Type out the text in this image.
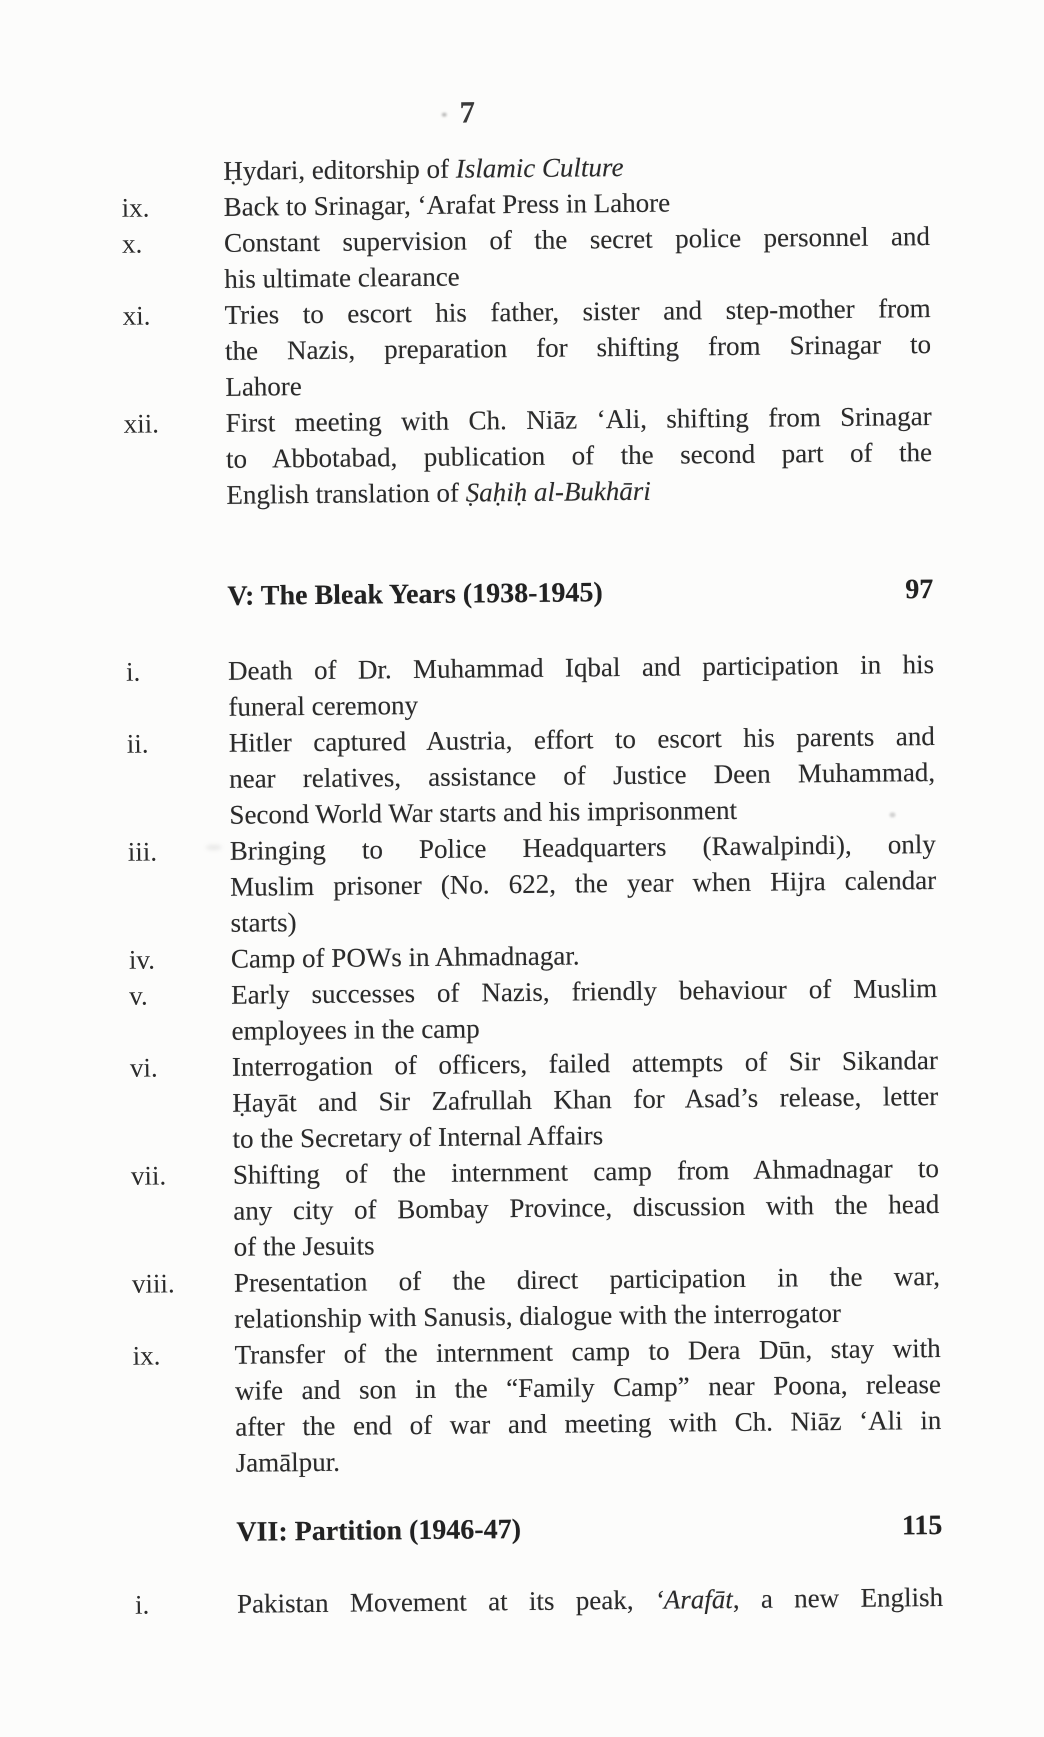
7
Ḥydari, editorship of Islamic Culture
ix.	Back to Srinagar, ‘Arafat Press in Lahore
x.	Constant supervision of the secret police personnel and
his ultimate clearance
xi.	Tries to escort his father, sister and step-mother from
the Nazis, preparation for shifting from Srinagar to
Lahore
xii.	First meeting with Ch. Niāz ‘Ali, shifting from Srinagar
to Abbotabad, publication of the second part of the
English translation of Ṣaḥiḥ al-Bukhāri
V: The Bleak Years (1938-1945)	97
i.	Death of Dr. Muhammad Iqbal and participation in his
funeral ceremony
ii.	Hitler captured Austria, effort to escort his parents and
near relatives, assistance of Justice Deen Muhammad,
Second World War starts and his imprisonment
iii.	Bringing to Police Headquarters (Rawalpindi), only
Muslim prisoner (No. 622, the year when Hijra calendar
starts)
iv.	Camp of POWs in Ahmadnagar.
v.	Early successes of Nazis, friendly behaviour of Muslim
employees in the camp
vi.	Interrogation of officers, failed attempts of Sir Sikandar
Ḥayāt and Sir Zafrullah Khan for Asad’s release, letter
to the Secretary of Internal Affairs
vii.	Shifting of the internment camp from Ahmadnagar to
any city of Bombay Province, discussion with the head
of the Jesuits
viii.	Presentation of the direct participation in the war,
relationship with Sanusis, dialogue with the interrogator
ix.	Transfer of the internment camp to Dera Dūn, stay with
wife and son in the “Family Camp” near Poona, release
after the end of war and meeting with Ch. Niāz ‘Ali in
Jamālpur.
VII: Partition (1946-47)	115
i.	Pakistan Movement at its peak, ‘Arafāt, a new English
